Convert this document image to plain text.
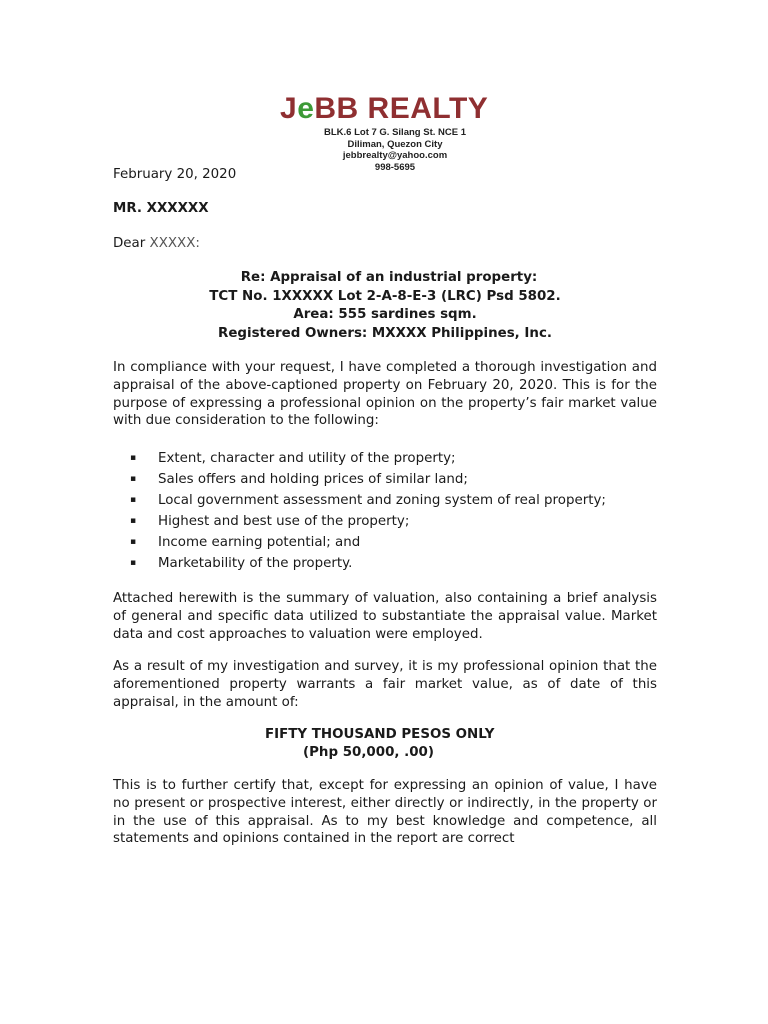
JeBB REALTY
BLK.6 Lot 7 G. Silang St. NCE 1
Diliman, Quezon City
jebbrealty@yahoo.com
998-5695
February 20, 2020
MR. XXXXXX
Dear XXXXX:
Re: Appraisal of an industrial property:
TCT No. 1XXXXX Lot 2-A-8-E-3 (LRC) Psd 5802.
Area: 555 sardines sqm.
Registered Owners: MXXXX Philippines, Inc.
In compliance with your request, I have completed a thorough investigation and appraisal of the above-captioned property on February 20, 2020. This is for the purpose of expressing a professional opinion on the property’s fair market value with due consideration to the following:
▪ Extent, character and utility of the property;
▪ Sales offers and holding prices of similar land;
▪ Local government assessment and zoning system of real property;
▪ Highest and best use of the property;
▪ Income earning potential; and
▪ Marketability of the property.
Attached herewith is the summary of valuation, also containing a brief analysis of general and specific data utilized to substantiate the appraisal value. Market data and cost approaches to valuation were employed.
As a result of my investigation and survey, it is my professional opinion that the aforementioned property warrants a fair market value, as of date of this appraisal, in the amount of:
FIFTY THOUSAND PESOS ONLY
(Php 50,000, .00)
This is to further certify that, except for expressing an opinion of value, I have no present or prospective interest, either directly or indirectly, in the property or in the use of this appraisal. As to my best knowledge and competence, all statements and opinions contained in the report are correct
